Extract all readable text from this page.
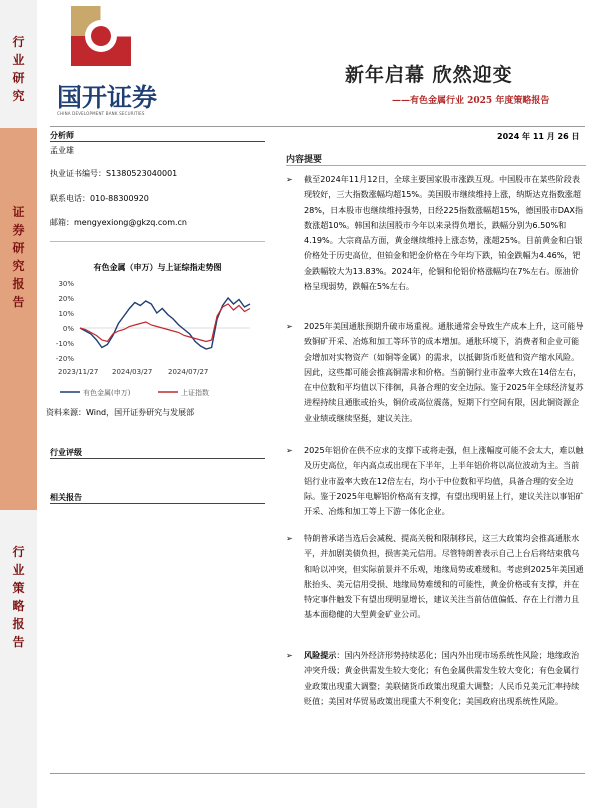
行
业
研
究
证
券
研
究
报
告
行
业
策
略
报
告
国开证券
CHINA DEVELOPMENT BANK SECURITIES
新年启幕 欣然迎变
——有色金属行业 2025 年度策略报告
分析师
孟业雄
执业证书编号：S1380523040001
联系电话：010-88300920
邮箱：mengyexiong@gkzq.com.cn
2024 年 11 月 26 日
有色金属（申万）与上证综指走势图
30%
20%
10%
0%
-10%
-20%
2023/11/27 2024/03/27 2024/07/27
有色金属(申万)	上证指数
资料来源：Wind，国开证券研究与发展部
行业评级
相关报告
内容提要
➢ 截至2024年11月12日，全球主要国家股市涨跌互现。中国股市在某些阶段表现较好，三大指数涨幅均超15%。美国股市继续维持上涨，纳斯达克指数涨超28%，日本股市也继续维持强势，日经225指数涨幅超15%，德国股市DAX指数涨超10%。韩国和法国股市今年以来录得负增长，跌幅分别为6.50%和4.19%。大宗商品方面，黄金继续维持上涨态势，涨超25%。目前黄金和白银价格处于历史高位，但铂金和钯金价格在今年均下跌，铂金跌幅为4.46%，钯金跌幅较大为13.83%。2024年，伦铜和伦铝价格涨幅均在7%左右。原油价格呈现弱势，跌幅在5%左右。
➢ 2025年美国通胀预期升破市场重视。通胀通常会导致生产成本上升，这可能导致铜矿开采、冶炼和加工等环节的成本增加。通胀环境下，消费者和企业可能会增加对实物资产（如铜等金属）的需求，以抵御货币贬值和资产缩水风险。因此，这些都可能会推高铜需求和价格。当前铜行业市盈率大致在14倍左右，在中位数和平均值以下徘徊，具备合理的安全边际。鉴于2025年全球经济复苏进程持续且通胀或抬头，铜价或高位震荡，短期下行空间有限，因此铜资源企业业绩或继续坚挺，建议关注。
➢ 2025年铝价在供不应求的支撑下或将走强，但上涨幅度可能不会太大，难以触及历史高位，年内高点或出现在下半年，上半年铝价将以高位波动为主。当前铝行业市盈率大致在12倍左右，均小于中位数和平均值，具备合理的安全边际。鉴于2025年电解铝价格高有支撑，有望出现明显上行，建议关注以事铝矿开采、冶炼和加工等上下游一体化企业。
➢ 特朗普承诺当选后会减税、提高关税和限制移民，这三大政策均会推高通胀水平，并加剧美债负担，损害美元信用。尽管特朗普表示自己上台后将结束俄乌和哈以冲突，但实际前景并不乐观，地缘局势或难缓和。考虑到2025年美国通胀抬头、美元信用受损、地缘局势难缓和的可能性，黄金价格或有支撑，并在特定事件触发下有望出现明显增长，建议关注当前估值偏低、存在上行潜力且基本面稳健的大型黄金矿业公司。
➢ 风险提示：国内外经济形势持续恶化；国内外出现市场系统性风险；地缘政治冲突升级；黄金供需发生较大变化；有色金属供需发生较大变化；有色金属行业政策出现重大调整；美联储货币政策出现重大调整；人民币兑美元汇率持续贬值；美国对华贸易政策出现重大不利变化；美国政府出现系统性风险。
